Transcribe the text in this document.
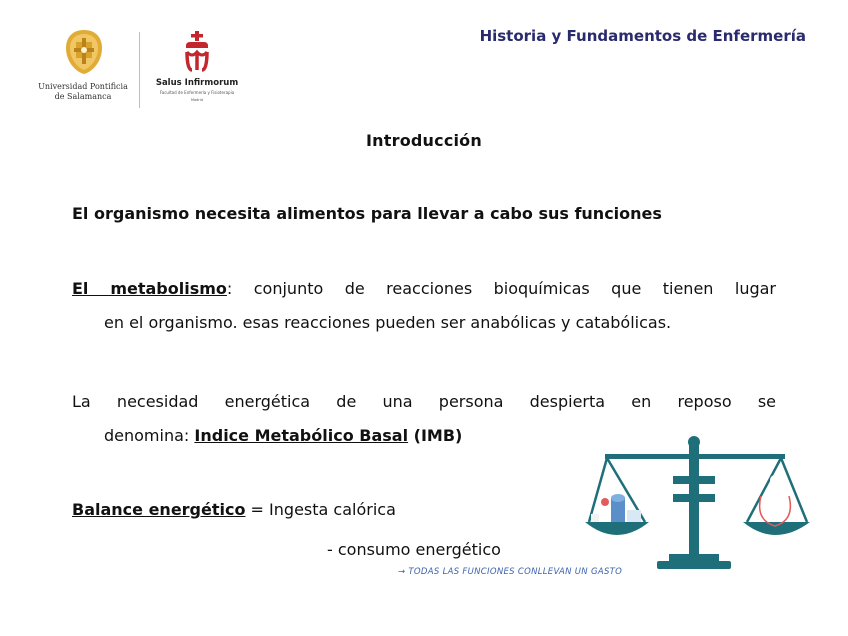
Universidad Pontificia de Salamanca
Salus Infirmorum
Facultad de Enfermería y Fisioterapia
Madrid
Historia y Fundamentos de Enfermería
Introducción
El organismo necesita alimentos para llevar a cabo sus funciones
El metabolismo: conjunto de reacciones bioquímicas que tienen lugar
en el organismo. esas reacciones pueden ser anabólicas y catabólicas.
La necesidad energética de una persona despierta en reposo se
denomina: Indice Metabólico Basal (IMB)
Balance energético = Ingesta calórica
- consumo energético
→ TODAS LAS FUNCIONES CONLLEVAN UN GASTO
